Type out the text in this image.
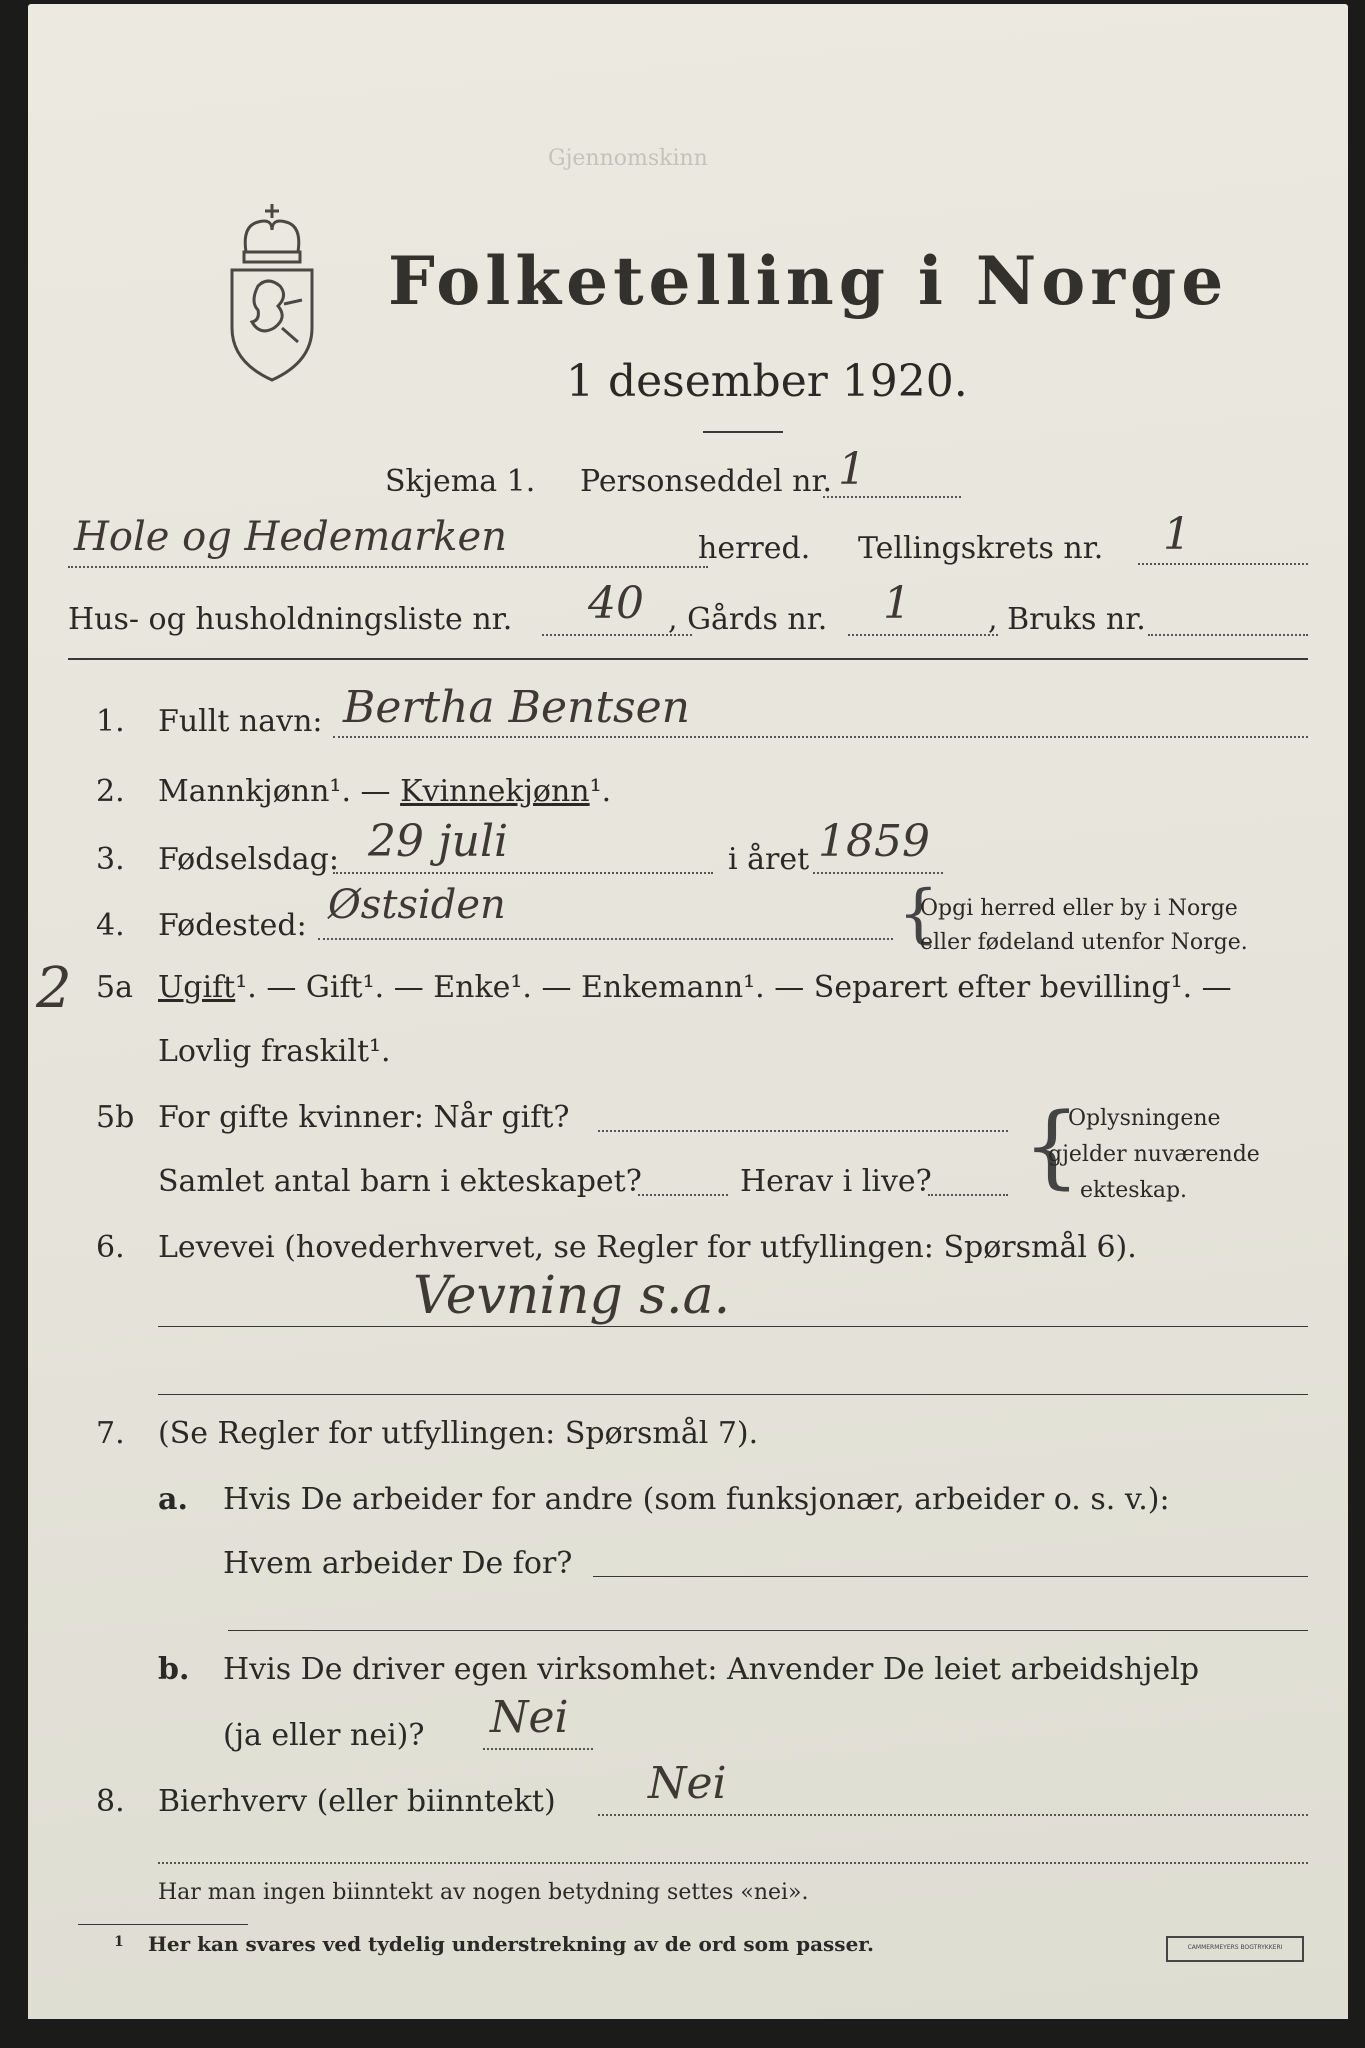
Gjennomskinn
Folketelling i Norge
1 desember 1920.
Skjema 1. Personseddel nr. 1
Hole og Hedemarken	herred. Tellingskrets nr. 1
Hus- og husholdningsliste nr. 40 , Gårds nr. 1	, Bruks nr.
1. Fullt navn: Bertha Bentsen
2. Mannkjønn¹. — Kvinnekjønn¹.
3. Fødselsdag: 29 juli	i året 1859
4. Fødested: Østsiden	{
Opgi herred eller by i Norge
eller fødeland utenfor Norge.
2 5a Ugift¹. — Gift¹. — Enke¹. — Enkemann¹. — Separert efter bevilling¹. —
Lovlig fraskilt¹.
5b For gifte kvinner: Når gift?
Samlet antal barn i ekteskapet?	Herav i live? {
Oplysningene
gjelder nuværende
ekteskap.
6. Levevei (hovederhvervet, se Regler for utfyllingen: Spørsmål 6).
Vevning s.a.
7. (Se Regler for utfyllingen: Spørsmål 7).
a. Hvis De arbeider for andre (som funksjonær, arbeider o. s. v.):
Hvem arbeider De for?
b. Hvis De driver egen virksomhet: Anvender De leiet arbeidshjelp
(ja eller nei)? Nei
8. Bierhverv (eller biinntekt) Nei
Har man ingen biinntekt av nogen betydning settes «nei».
1 Her kan svares ved tydelig understrekning av de ord som passer.	CAMMERMEYERS BOGTRYKKERI
